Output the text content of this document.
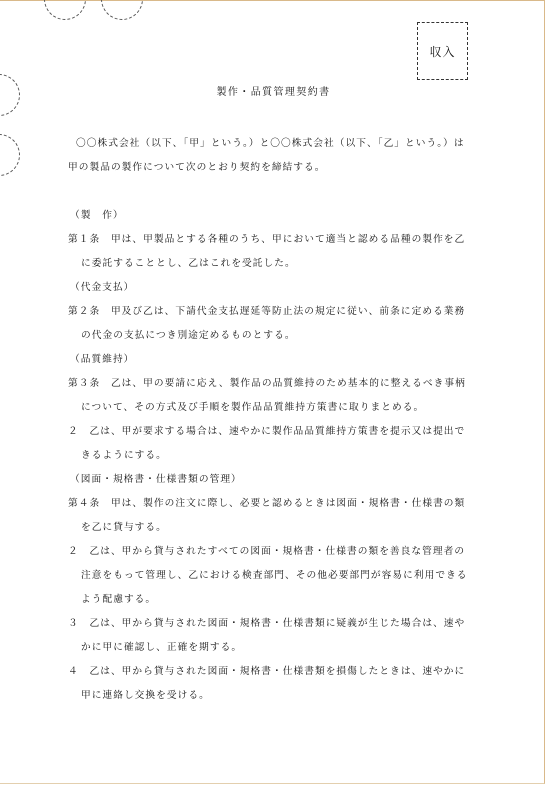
収入
製作・品質管理契約書
〇〇株式会社（以下、「甲」という。）と〇〇株式会社（以下、「乙」という。）は
甲の製品の製作について次のとおり契約を締結する。
（製　作）
第１条　甲は、甲製品とする各種のうち、甲において適当と認める品種の製作を乙
に委託することとし、乙はこれを受託した。
（代金支払）
第２条　甲及び乙は、下請代金支払遅延等防止法の規定に従い、前条に定める業務
の代金の支払につき別途定めるものとする。
（品質維持）
第３条　乙は、甲の要請に応え、製作品の品質維持のため基本的に整えるべき事柄
について、その方式及び手順を製作品品質維持方策書に取りまとめる。
２　乙は、甲が要求する場合は、速やかに製作品品質維持方策書を提示又は提出で
きるようにする。
（図面・規格書・仕様書類の管理）
第４条　甲は、製作の注文に際し、必要と認めるときは図面・規格書・仕様書の類
を乙に貸与する。
２　乙は、甲から貸与されたすべての図面・規格書・仕様書の類を善良な管理者の
注意をもって管理し、乙における検査部門、その他必要部門が容易に利用できる
よう配慮する。
３　乙は、甲から貸与された図面・規格書・仕様書類に疑義が生じた場合は、速や
かに甲に確認し、正確を期する。
４　乙は、甲から貸与された図面・規格書・仕様書類を損傷したときは、速やかに
甲に連絡し交換を受ける。
